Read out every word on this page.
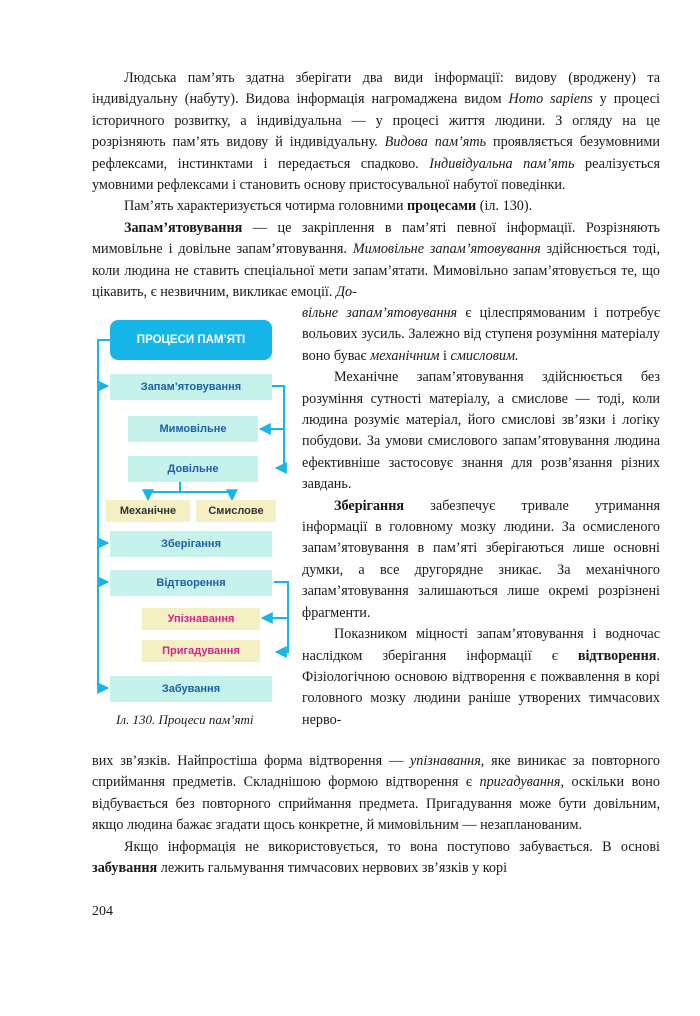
Людська пам’ять здатна зберігати два види інформації: видову (вроджену) та індивідуальну (набуту). Видова інформація нагромаджена видом Homo sapiens у процесі історичного розвитку, а індивідуальна — у процесі життя людини. З огляду на це розрізняють пам’ять видову й індивідуальну. Видова пам’ять проявляється безумовними рефлексами, інстинктами і передається спадково. Індивідуальна пам’ять реалізується умовними рефлексами і становить основу пристосувальної набутої поведінки.

Пам’ять характеризується чотирма головними процесами (іл. 130).

Запам’ятовування — це закріплення в пам’яті певної інформації. Розрізняють мимовільне і довільне запам’ятовування. Мимовільне запам’ятовування здійснюється тоді, коли людина не ставить спеціальної мети запам’ятати. Мимовільно запам’ятовується те, що цікавить, є незвичним, викликає емоції. До-

вільне запам’ятовування є цілеспрямованим і потребує вольових зусиль. Залежно від ступеня розуміння матеріалу воно буває механічним і смисловим.

Механічне запам’ятовування здійснюється без розуміння сутності матеріалу, а смислове — тоді, коли людина розуміє матеріал, його смислові зв’язки і логіку побудови. За умови смислового запам’ятовування людина ефективніше застосовує знання для розв’язання різних завдань.

Зберігання забезпечує тривале утримання інформації в головному мозку людини. За осмисленого запам’ятовування в пам’яті зберігаються лише основні думки, а все другорядне зникає. За механічного запам’ятовування залишаються лише окремі розрізнені фрагменти.

Показником міцності запам’ятовування і водночас наслідком зберігання інформації є відтворення. Фізіологічною основою відтворення є пожвавлення в корі головного мозку людини раніше утворених тимчасових нерво-

вих зв’язків. Найпростіша форма відтворення — упізнавання, яке виникає за повторного сприймання предметів. Складнішою формою відтворення є пригадування, оскільки воно відбувається без повторного сприймання предмета. Пригадування може бути довільним, якщо людина бажає згадати щось конкретне, й мимовільним — незапланованим.

Якщо інформація не використовується, то вона поступово забувається. В основі забування лежить гальмування тимчасових нервових зв’язків у корі

ПРОЦЕСИ ПАМ’ЯТІ
Запам’ятовування
Мимовільне
Довільне
Механічне	Смислове
Зберігання
Відтворення
Упізнавання
Пригадування
Забування
Іл. 130. Процеси пам’яті
204
